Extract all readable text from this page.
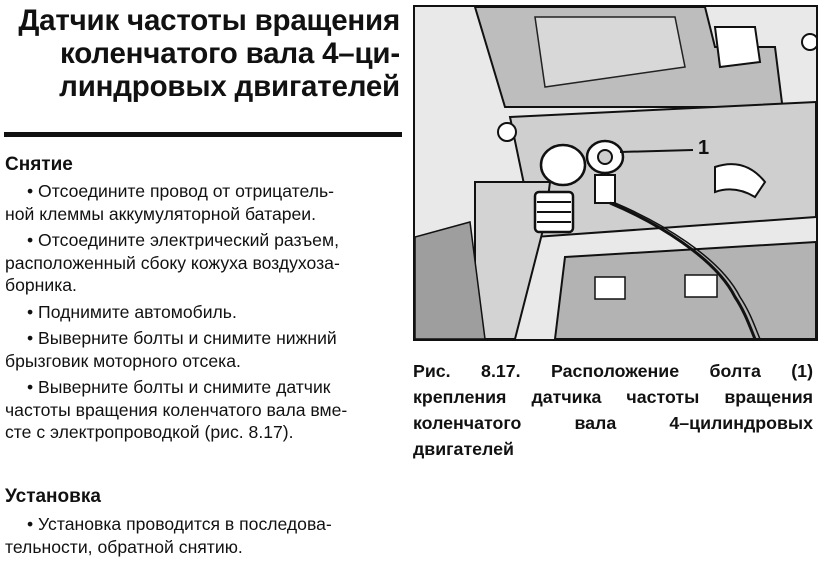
Датчик частоты вращения
коленчатого вала 4–ци-
линдровых двигателей
Снятие

• Отсоедините провод от отрицатель-
ной клеммы аккумуляторной батареи.

• Отсоедините электрический разъем,
расположенный сбоку кожуха воздухоза-
борника.

• Поднимите автомобиль.

• Выверните болты и снимите нижний
брызговик моторного отсека.

• Выверните болты и снимите датчик
частоты вращения коленчатого вала вме-
сте с электропроводкой (рис. 8.17).

Установка

• Установка проводится в последова-
тельности, обратной снятию.

1
Рис. 8.17. Расположение болта (1)
крепления датчика частоты вращения
коленчатого вала 4–цилиндровых
двигателей
